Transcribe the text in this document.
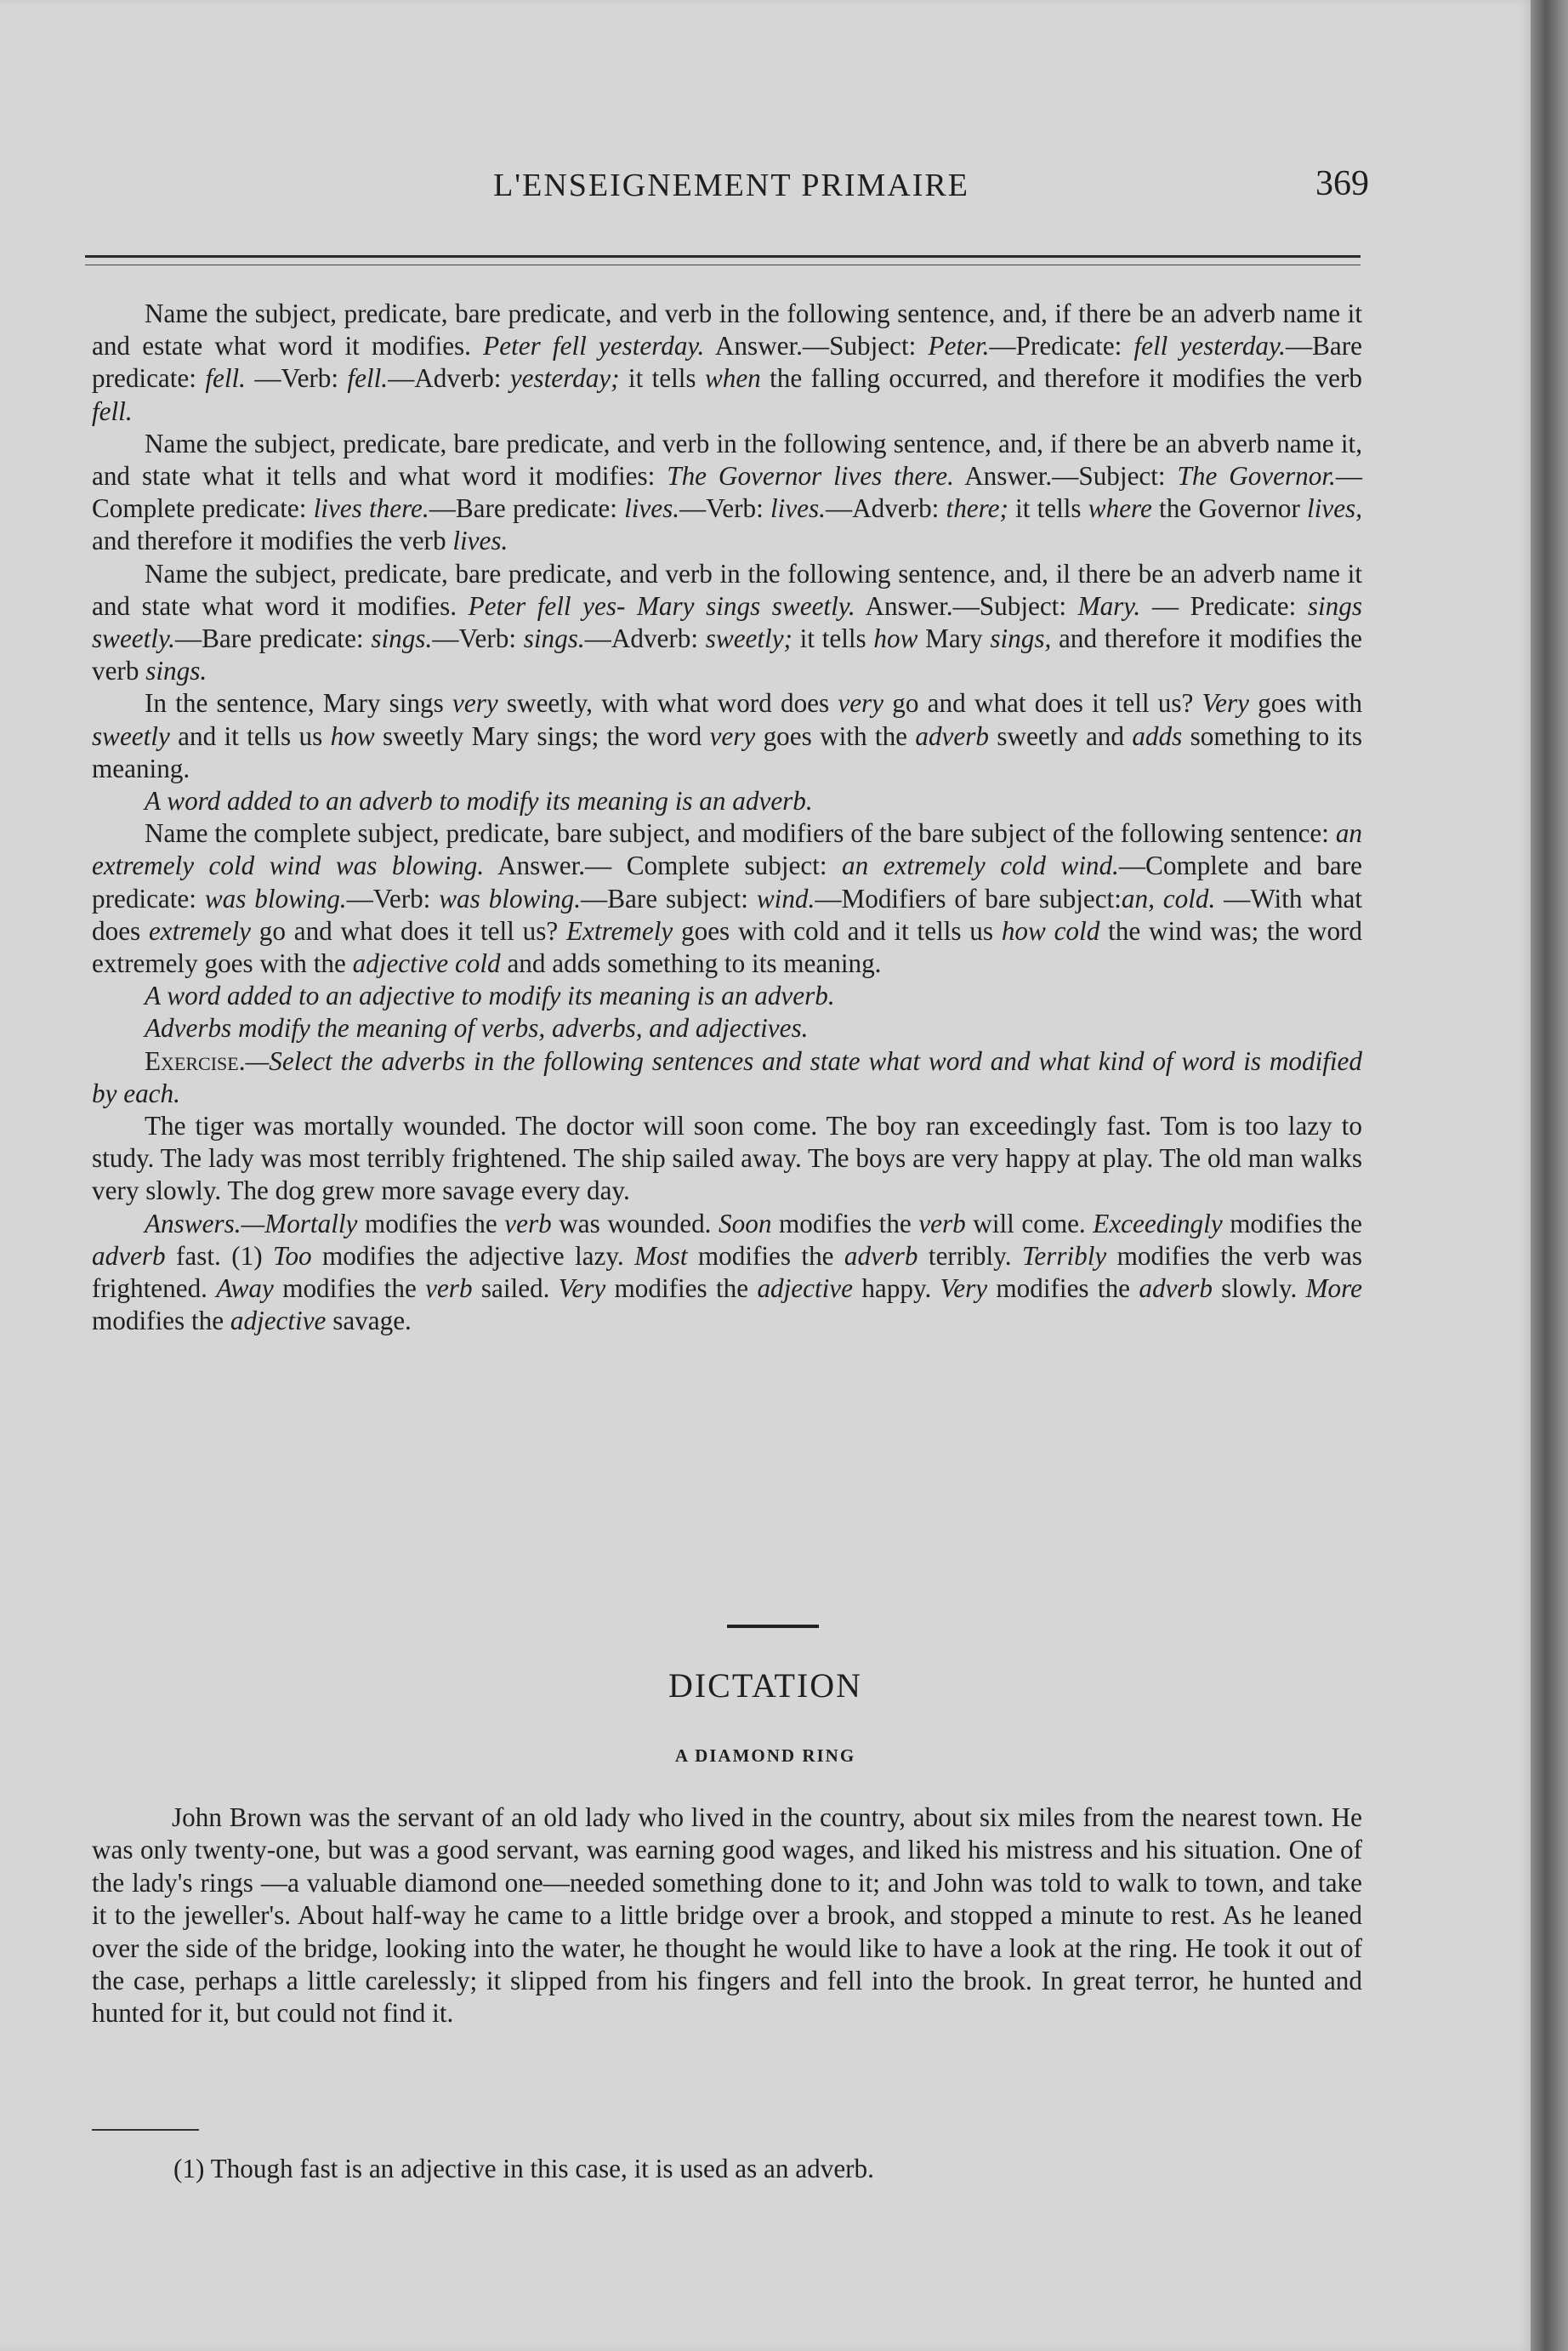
L'ENSEIGNEMENT PRIMAIRE	369

Name the subject, predicate, bare predicate, and verb in the following sentence, and, if there be an adverb name it and estate what word it modifies. Peter fell yesterday. Answer.—Subject: Peter.—Predicate: fell yesterday.—Bare predicate: fell. —Verb: fell.—Adverb: yesterday; it tells when the falling occurred, and therefore it modifies the verb fell.

Name the subject, predicate, bare predicate, and verb in the following sentence, and, if there be an abverb name it, and state what it tells and what word it modifies: The Governor lives there. Answer.—Subject: The Governor.—Complete predicate: lives there.—Bare predicate: lives.—Verb: lives.—Adverb: there; it tells where the Governor lives, and therefore it modifies the verb lives.

Name the subject, predicate, bare predicate, and verb in the following sentence, and, il there be an adverb name it and state what word it modifies. Peter fell yes- Mary sings sweetly. Answer.—Subject: Mary. — Predicate: sings sweetly.—Bare predicate: sings.—Verb: sings.—Adverb: sweetly; it tells how Mary sings, and therefore it modifies the verb sings.

In the sentence, Mary sings very sweetly, with what word does very go and what does it tell us? Very goes with sweetly and it tells us how sweetly Mary sings; the word very goes with the adverb sweetly and adds something to its meaning.

A word added to an adverb to modify its meaning is an adverb.

Name the complete subject, predicate, bare subject, and modifiers of the bare subject of the following sentence: an extremely cold wind was blowing. Answer.— Complete subject: an extremely cold wind.—Complete and bare predicate: was blowing.—Verb: was blowing.—Bare subject: wind.—Modifiers of bare subject:an, cold. —With what does extremely go and what does it tell us? Extremely goes with cold and it tells us how cold the wind was; the word extremely goes with the adjective cold and adds something to its meaning.

A word added to an adjective to modify its meaning is an adverb.

Adverbs modify the meaning of verbs, adverbs, and adjectives.

Exercise.—Select the adverbs in the following sentences and state what word and what kind of word is modified by each.

The tiger was mortally wounded. The doctor will soon come. The boy ran exceedingly fast. Tom is too lazy to study. The lady was most terribly frightened. The ship sailed away. The boys are very happy at play. The old man walks very slowly. The dog grew more savage every day.

Answers.—Mortally modifies the verb was wounded. Soon modifies the verb will come. Exceedingly modifies the adverb fast. (1) Too modifies the adjective lazy. Most modifies the adverb terribly. Terribly modifies the verb was frightened. Away modifies the verb sailed. Very modifies the adjective happy. Very modifies the adverb slowly. More modifies the adjective savage.

DICTATION
A DIAMOND RING

John Brown was the servant of an old lady who lived in the country, about six miles from the nearest town. He was only twenty-one, but was a good servant, was earning good wages, and liked his mistress and his situation. One of the lady's rings —a valuable diamond one—needed something done to it; and John was told to walk to town, and take it to the jeweller's. About half-way he came to a little bridge over a brook, and stopped a minute to rest. As he leaned over the side of the bridge, looking into the water, he thought he would like to have a look at the ring. He took it out of the case, perhaps a little carelessly; it slipped from his fingers and fell into the brook. In great terror, he hunted and hunted for it, but could not find it.

(1) Though fast is an adjective in this case, it is used as an adverb.
